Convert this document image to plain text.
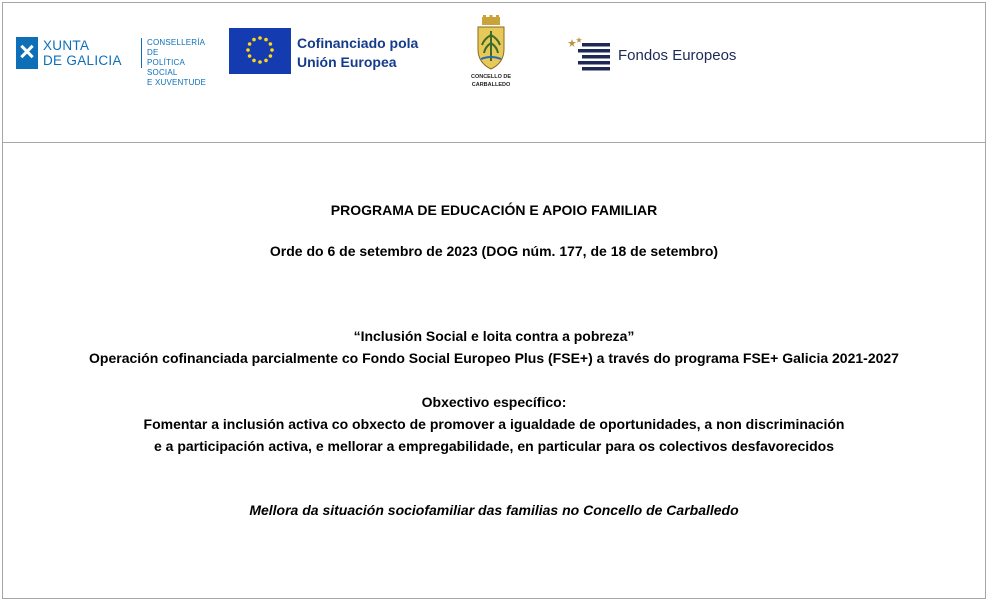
XUNTA
DE GALICIA
CONSELLERÍA DE
POLÍTICA SOCIAL
E XUVENTUDE
Cofinanciado pola
Unión Europea
CONCELLO DE
CARBALLEDO
Fondos Europeos
PROGRAMA DE EDUCACIÓN E APOIO FAMILIAR
Orde do 6 de setembro de 2023 (DOG núm. 177, de 18 de setembro)
“Inclusión Social e loita contra a pobreza”
Operación cofinanciada parcialmente co Fondo Social Europeo Plus (FSE+) a través do programa FSE+ Galicia 2021-2027
Obxectivo específico:
Fomentar a inclusión activa co obxecto de promover a igualdade de oportunidades, a non discriminación
e a participación activa, e mellorar a empregabilidade, en particular para os colectivos desfavorecidos
Mellora da situación sociofamiliar das familias no Concello de Carballedo
